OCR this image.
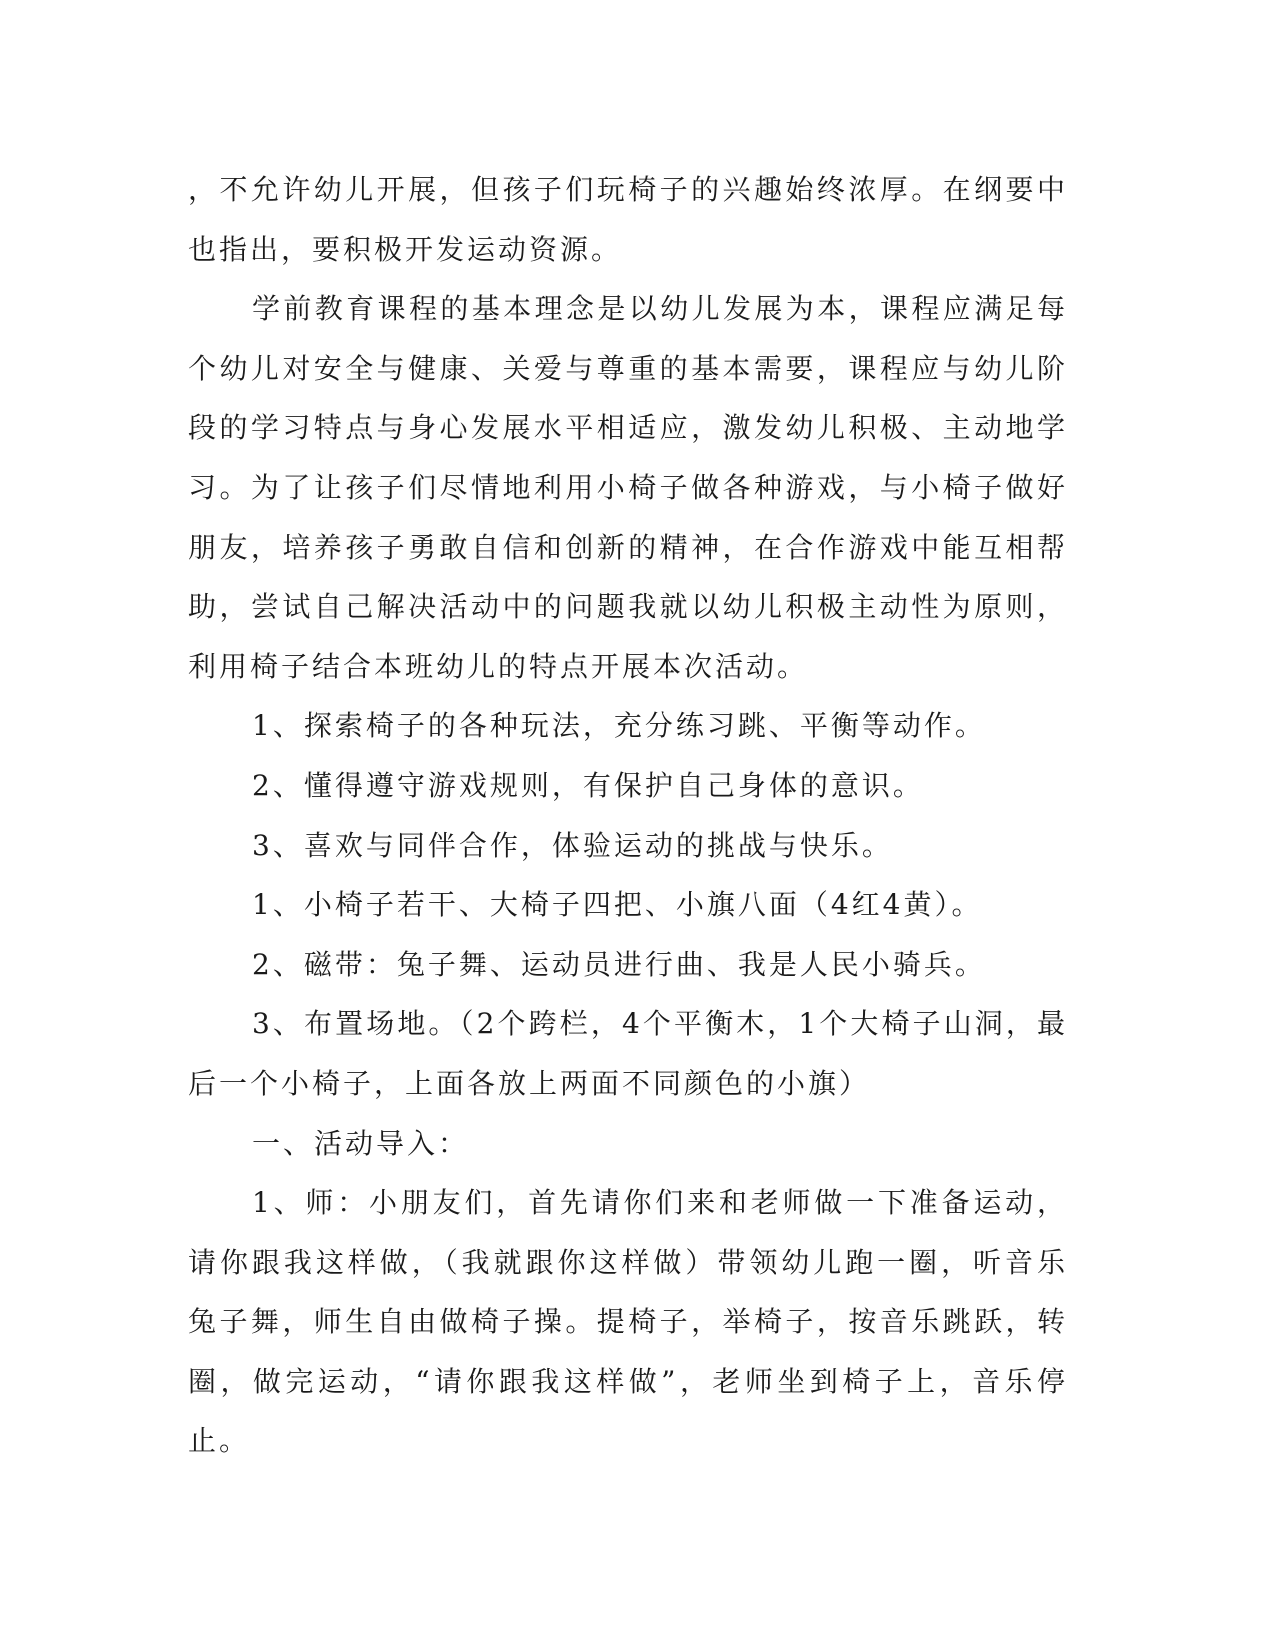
，不允许幼儿开展，但孩子们玩椅子的兴趣始终浓厚。在纲要中也指出，要积极开发运动资源。

学前教育课程的基本理念是以幼儿发展为本，课程应满足每个幼儿对安全与健康、关爱与尊重的基本需要，课程应与幼儿阶段的学习特点与身心发展水平相适应，激发幼儿积极、主动地学习。为了让孩子们尽情地利用小椅子做各种游戏，与小椅子做好朋友，培养孩子勇敢自信和创新的精神，在合作游戏中能互相帮助，尝试自己解决活动中的问题我就以幼儿积极主动性为原则，利用椅子结合本班幼儿的特点开展本次活动。

1、探索椅子的各种玩法，充分练习跳、平衡等动作。

2、懂得遵守游戏规则，有保护自己身体的意识。

3、喜欢与同伴合作，体验运动的挑战与快乐。

1、小椅子若干、大椅子四把、小旗八面（4红4黄）。

2、磁带：兔子舞、运动员进行曲、我是人民小骑兵。

3、布置场地。（2个跨栏，4个平衡木，1个大椅子山洞，最后一个小椅子，上面各放上两面不同颜色的小旗）

一、活动导入：

1、师：小朋友们，首先请你们来和老师做一下准备运动，请你跟我这样做，（我就跟你这样做）带领幼儿跑一圈，听音乐兔子舞，师生自由做椅子操。提椅子，举椅子，按音乐跳跃，转圈，做完运动，“请你跟我这样做”，老师坐到椅子上，音乐停止。
